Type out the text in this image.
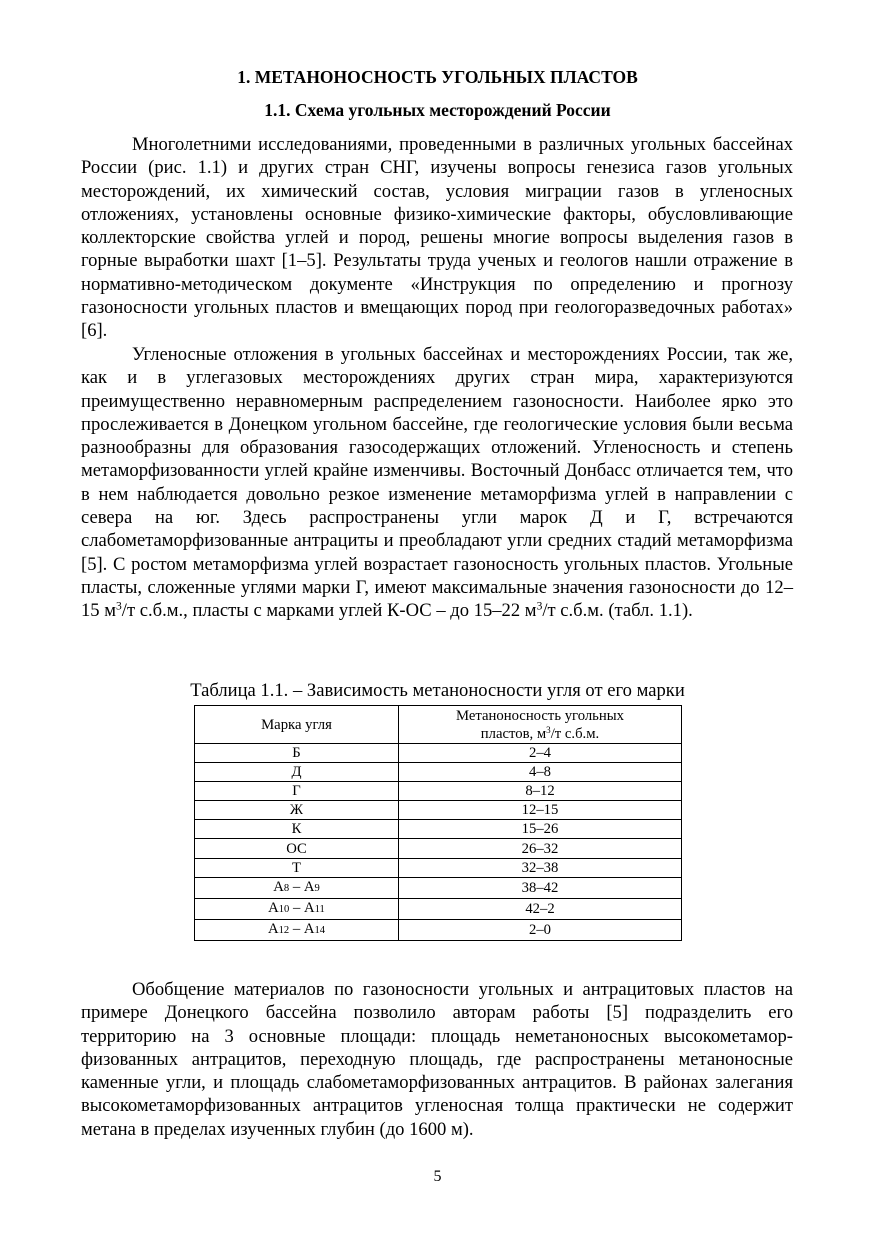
1. МЕТАНОНОСНОСТЬ УГОЛЬНЫХ ПЛАСТОВ
1.1. Схема угольных месторождений России

Многолетними исследованиями, проведенными в различных угольных бассейнах России (рис. 1.1) и других стран СНГ, изучены вопросы генезиса газов угольных месторождений, их химический состав, условия миграции газов в угленосных отложениях, установлены основные физико-химические факторы, обусловливающие коллекторские свойства углей и пород, решены многие вопросы выделения газов в горные выработки шахт [1–5]. Результаты труда ученых и геологов нашли отражение в нормативно-методическом документе «Инструкция по определению и прогнозу газоносности угольных пластов и вмещающих пород при геологоразведочных работах» [6].

Угленосные отложения в угольных бассейнах и месторождениях России, так же, как и в углегазовых месторождениях других стран мира, характеризуются преимущественно неравномерным распределением газоносности. Наиболее ярко это прослеживается в Донецком угольном бассейне, где геологические условия были весьма разнообразны для образования газосодержащих отложений. Угленосность и степень метаморфизованности углей крайне изменчивы. Восточный Донбасс отличается тем, что в нем наблюдается довольно резкое изменение метаморфизма углей в направлении с севера на юг. Здесь распространены угли марок Д и Г, встречаются слабометаморфизованные антрациты и преобладают угли средних стадий метаморфизма [5]. С ростом метаморфизма углей возрастает газоносность угольных пластов. Угольные пласты, сложенные углями марки Г, имеют максимальные значения газоносности до 12–15 $м^3/т$ с.б.м., пласты с марками углей К-ОС – до 15–22 $м^3/т$ с.б.м. (табл. 1.1).

Таблица 1.1. – Зависимость метаноносности угля от его марки

Марка угля	Метаноносность угольных
пластов, $м^3/т$ с.б.м.
Б	2–4
Д	4–8
Г	8–12
Ж	12–15
К	15–26
ОС	26–32
Т	32–38
А8 – А9	38–42
А10 – А11	42–2
А12 – А14	2–0

Обобщение материалов по газоносности угольных и антрацитовых пластов на примере Донецкого бассейна позволило авторам работы [5] подразделить его территорию на 3 основные площади: площадь неметаноносных высокометаморфизованных антрацитов, переходную площадь, где распространены метаноносные каменные угли, и площадь слабометаморфизованных антрацитов. В районах залегания высокометаморфизованных антрацитов угленосная толща практически не содержит метана в пределах изученных глубин (до 1600 м).

5
